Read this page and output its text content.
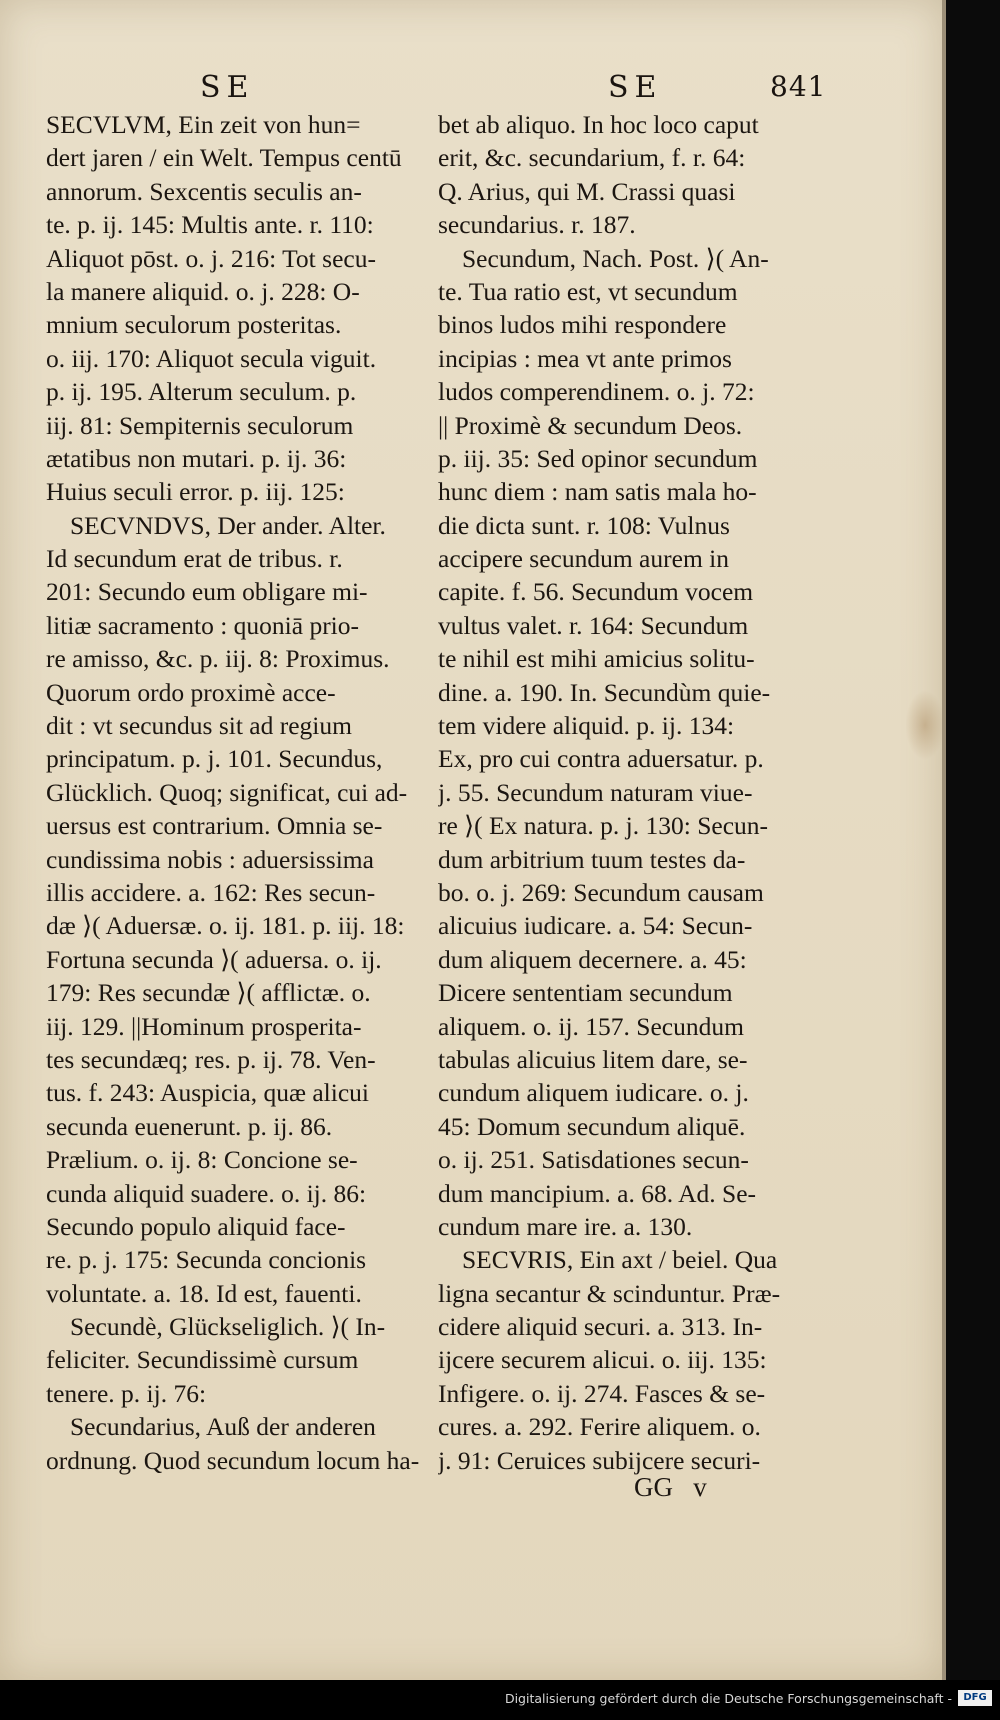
SE	SE	841
SECVLVM, Ein zeit von hun=
dert jaren / ein Welt. Tempus centū
annorum. Sexcentis seculis an-
te. p. ij. 145: Multis ante. r. 110:
Aliquot pōst. o. j. 216: Tot secu-
la manere aliquid. o. j. 228: O-
mnium seculorum posteritas.
o. iij. 170: Aliquot secula viguit.
p. ij. 195. Alterum seculum. p.
iij. 81: Sempiternis seculorum
ætatibus non mutari. p. ij. 36:
Huius seculi error. p. iij. 125:
SECVNDVS, Der ander. Alter.
Id secundum erat de tribus. r.
201: Secundo eum obligare mi-
litiæ sacramento : quoniā prio-
re amisso, &c. p. iij. 8: Proximus.
Quorum ordo proximè acce-
dit : vt secundus sit ad regium
principatum. p. j. 101. Secundus,
Glücklich. Quoq; significat, cui ad-
uersus est contrarium. Omnia se-
cundissima nobis : aduersissima
illis accidere. a. 162: Res secun-
dæ ⟩( Aduersæ. o. ij. 181. p. iij. 18:
Fortuna secunda ⟩( aduersa. o. ij.
179: Res secundæ ⟩( afflictæ. o.
iij. 129. ||Hominum prosperita-
tes secundæq; res. p. ij. 78. Ven-
tus. f. 243: Auspicia, quæ alicui
secunda euenerunt. p. ij. 86.
Prælium. o. ij. 8: Concione se-
cunda aliquid suadere. o. ij. 86:
Secundo populo aliquid face-
re. p. j. 175: Secunda concionis
voluntate. a. 18. Id est, fauenti.
Secundè, Glückseliglich. ⟩( In-
feliciter. Secundissimè cursum
tenere. p. ij. 76:
Secundarius, Auß der anderen
ordnung. Quod secundum locum ha-
bet ab aliquo. In hoc loco caput
erit, &c. secundarium, f. r. 64:
Q. Arius, qui M. Crassi quasi
secundarius. r. 187.
Secundum, Nach. Post. ⟩( An-
te. Tua ratio est, vt secundum
binos ludos mihi respondere
incipias : mea vt ante primos
ludos comperendinem. o. j. 72:
|| Proximè & secundum Deos.
p. iij. 35: Sed opinor secundum
hunc diem : nam satis mala ho-
die dicta sunt. r. 108: Vulnus
accipere secundum aurem in
capite. f. 56. Secundum vocem
vultus valet. r. 164: Secundum
te nihil est mihi amicius solitu-
dine. a. 190. In. Secundùm quie-
tem videre aliquid. p. ij. 134:
Ex, pro cui contra aduersatur. p.
j. 55. Secundum naturam viue-
re ⟩( Ex natura. p. j. 130: Secun-
dum arbitrium tuum testes da-
bo. o. j. 269: Secundum causam
alicuius iudicare. a. 54: Secun-
dum aliquem decernere. a. 45:
Dicere sententiam secundum
aliquem. o. ij. 157. Secundum
tabulas alicuius litem dare, se-
cundum aliquem iudicare. o. j.
45: Domum secundum aliquē.
o. ij. 251. Satisdationes secun-
dum mancipium. a. 68. Ad. Se-
cundum mare ire. a. 130.
SECVRIS, Ein axt / beiel. Qua
ligna secantur & scinduntur. Præ-
cidere aliquid securi. a. 313. In-
ijcere securem alicui. o. iij. 135:
Infigere. o. ij. 274. Fasces & se-
cures. a. 292. Ferire aliquem. o.
j. 91: Ceruices subijcere securi-
GG   v
Digitalisierung gefördert durch die Deutsche Forschungsgemeinschaft -	DFG
